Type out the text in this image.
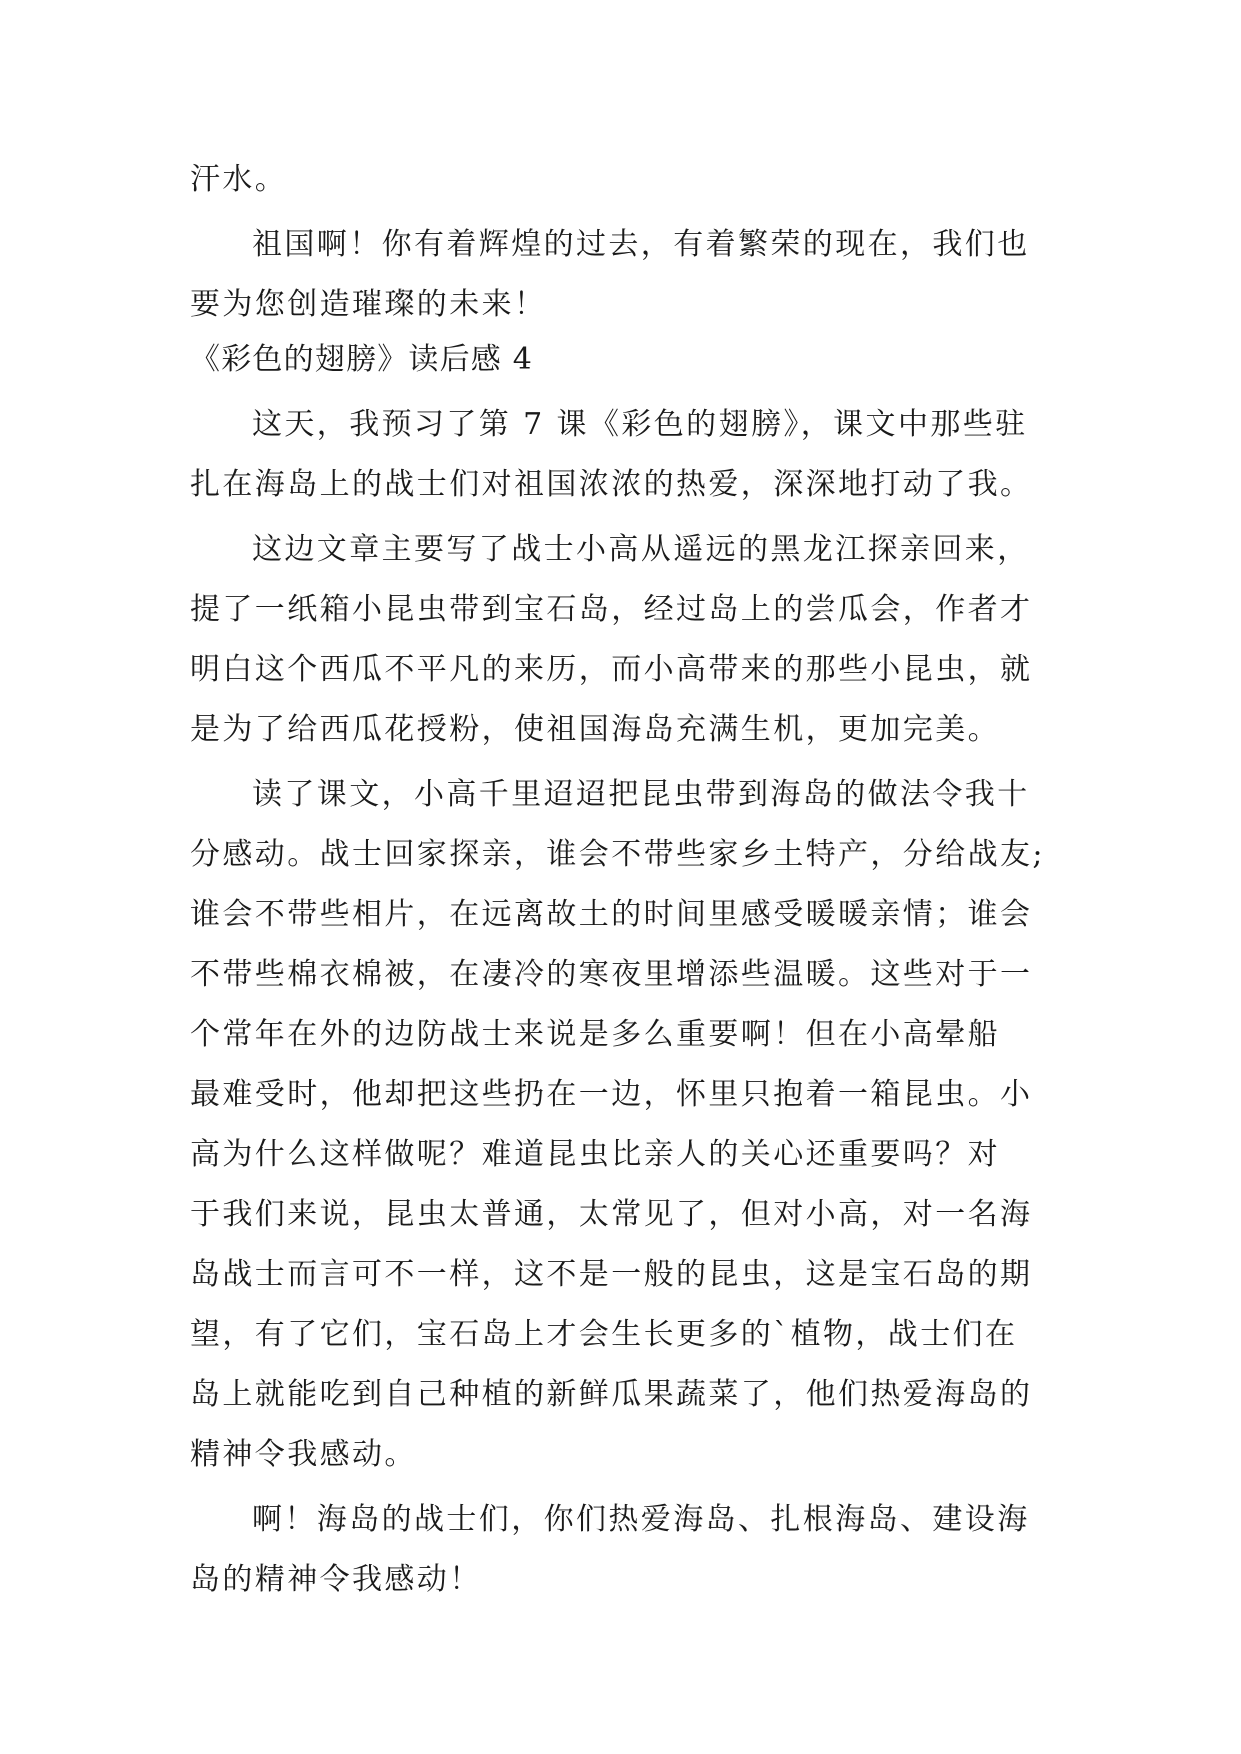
汗水。
祖国啊！你有着辉煌的过去，有着繁荣的现在，我们也
要为您创造璀璨的未来！
《彩色的翅膀》读后感 4
这天，我预习了第 7 课《彩色的翅膀》，课文中那些驻
扎在海岛上的战士们对祖国浓浓的热爱，深深地打动了我。
这边文章主要写了战士小高从遥远的黑龙江探亲回来，
提了一纸箱小昆虫带到宝石岛，经过岛上的尝瓜会，作者才
明白这个西瓜不平凡的来历，而小高带来的那些小昆虫，就
是为了给西瓜花授粉，使祖国海岛充满生机，更加完美。
读了课文，小高千里迢迢把昆虫带到海岛的做法令我十
分感动。战士回家探亲，谁会不带些家乡土特产，分给战友;
谁会不带些相片，在远离故土的时间里感受暖暖亲情；谁会
不带些棉衣棉被，在凄冷的寒夜里增添些温暖。这些对于一
个常年在外的边防战士来说是多么重要啊！但在小高晕船
最难受时，他却把这些扔在一边，怀里只抱着一箱昆虫。小
高为什么这样做呢？难道昆虫比亲人的关心还重要吗？对
于我们来说，昆虫太普通，太常见了，但对小高，对一名海
岛战士而言可不一样，这不是一般的昆虫，这是宝石岛的期
望，有了它们，宝石岛上才会生长更多的`植物，战士们在
岛上就能吃到自己种植的新鲜瓜果蔬菜了，他们热爱海岛的
精神令我感动。
啊！海岛的战士们，你们热爱海岛、扎根海岛、建设海
岛的精神令我感动！
